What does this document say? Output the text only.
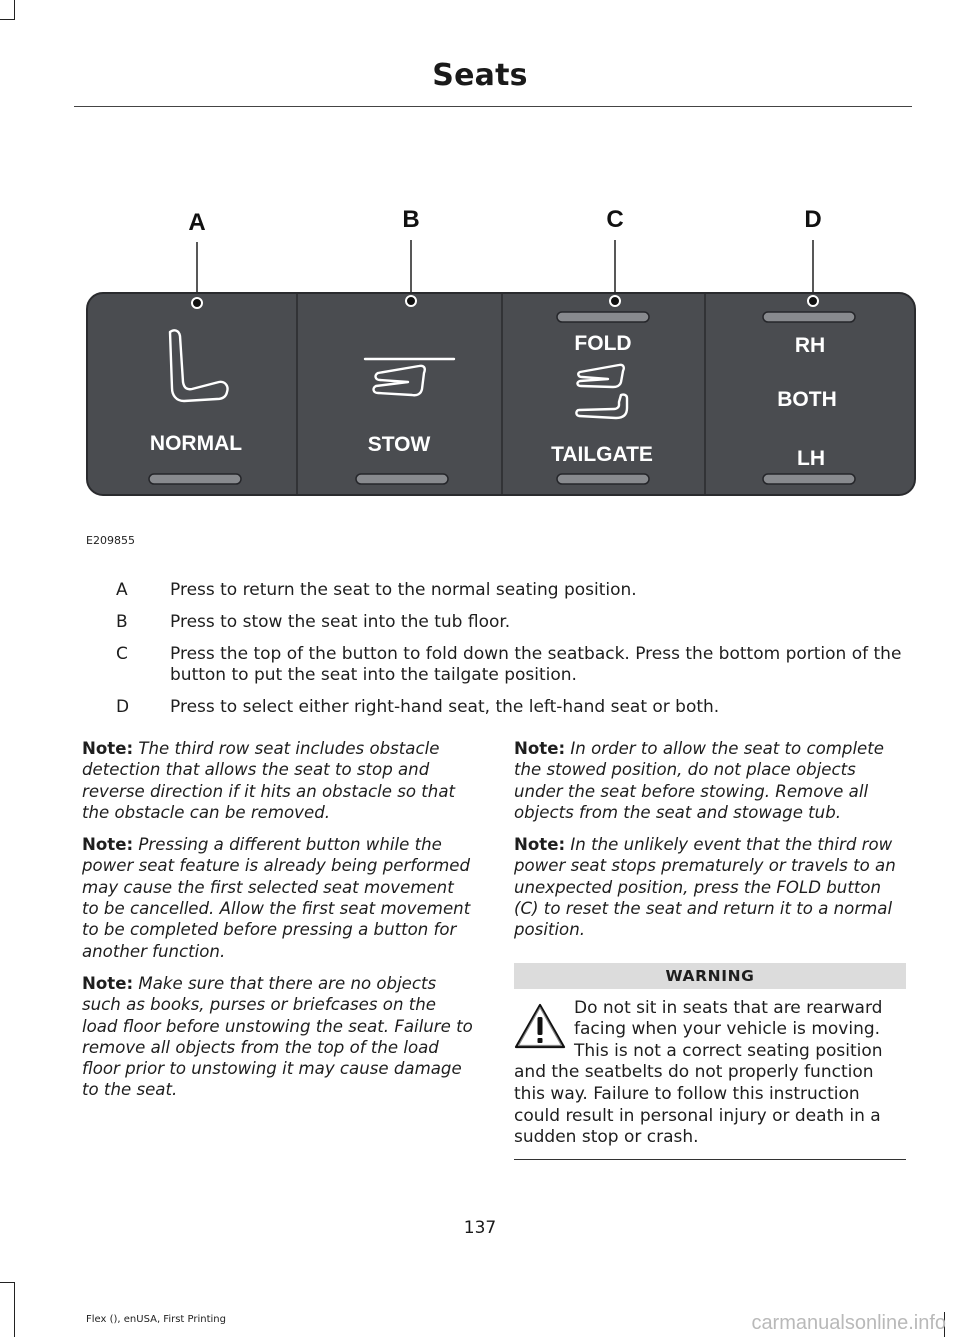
Seats
A	B	C	D
NORMAL	STOW
FOLD
TAILGATE
RH
BOTH
LH
E209855
A	Press to return the seat to the normal seating position.
B	Press to stow the seat into the tub floor.
C	Press the top of the button to fold down the seatback. Press the bottom portion of the button to put the seat into the tailgate position.
D	Press to select either right-hand seat, the left-hand seat or both.

Note: The third row seat includes obstacle detection that allows the seat to stop and reverse direction if it hits an obstacle so that the obstacle can be removed.

Note: Pressing a different button while the power seat feature is already being performed may cause the first selected seat movement to be cancelled. Allow the first seat movement to be completed before pressing a button for another function.

Note: Make sure that there are no objects such as books, purses or briefcases on the load floor before unstowing the seat. Failure to remove all objects from the top of the load floor prior to unstowing it may cause damage to the seat.

Note: In order to allow the seat to complete the stowed position, do not place objects under the seat before stowing. Remove all objects from the seat and stowage tub.

Note: In the unlikely event that the third row power seat stops prematurely or travels to an unexpected position, press the FOLD button (C) to reset the seat and return it to a normal position.

WARNING
Do not sit in seats that are rearward facing when your vehicle is moving. This is not a correct seating position and the seatbelts do not properly function this way. Failure to follow this instruction could result in personal injury or death in a sudden stop or crash.
137
Flex (), enUSA, First Printing	carmanualsonline.info
